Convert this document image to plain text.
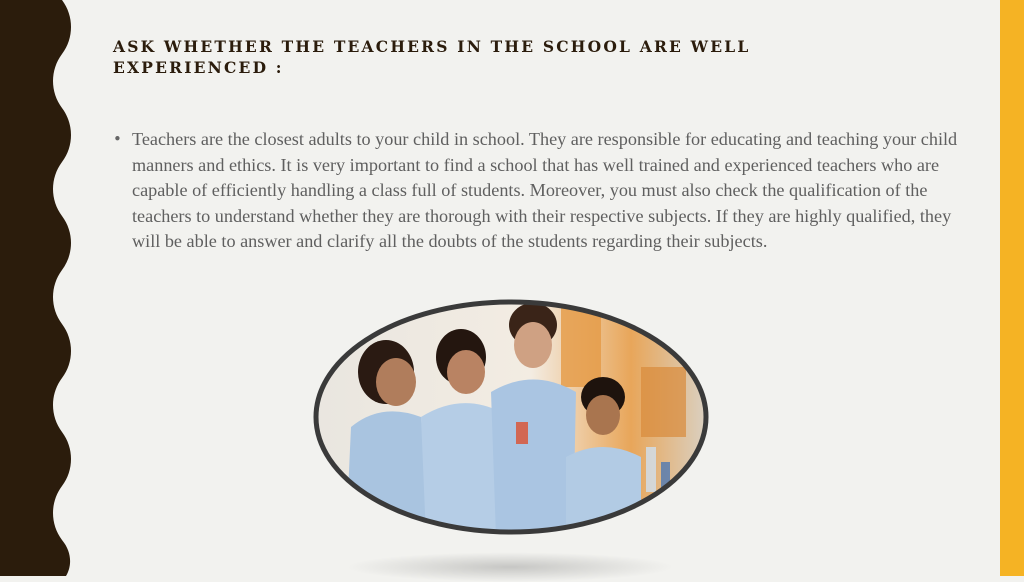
ASK WHETHER THE TEACHERS IN THE SCHOOL ARE WELL EXPERIENCED :
• Teachers are the closest adults to your child in school. They are responsible for educating and teaching your child manners and ethics. It is very important to find a school that has well trained and experienced teachers who are capable of efficiently handling a class full of students. Moreover, you must also check the qualification of the teachers to understand whether they are thorough with their respective subjects. If they are highly qualified, they will be able to answer and clarify all the doubts of the students regarding their subjects.
